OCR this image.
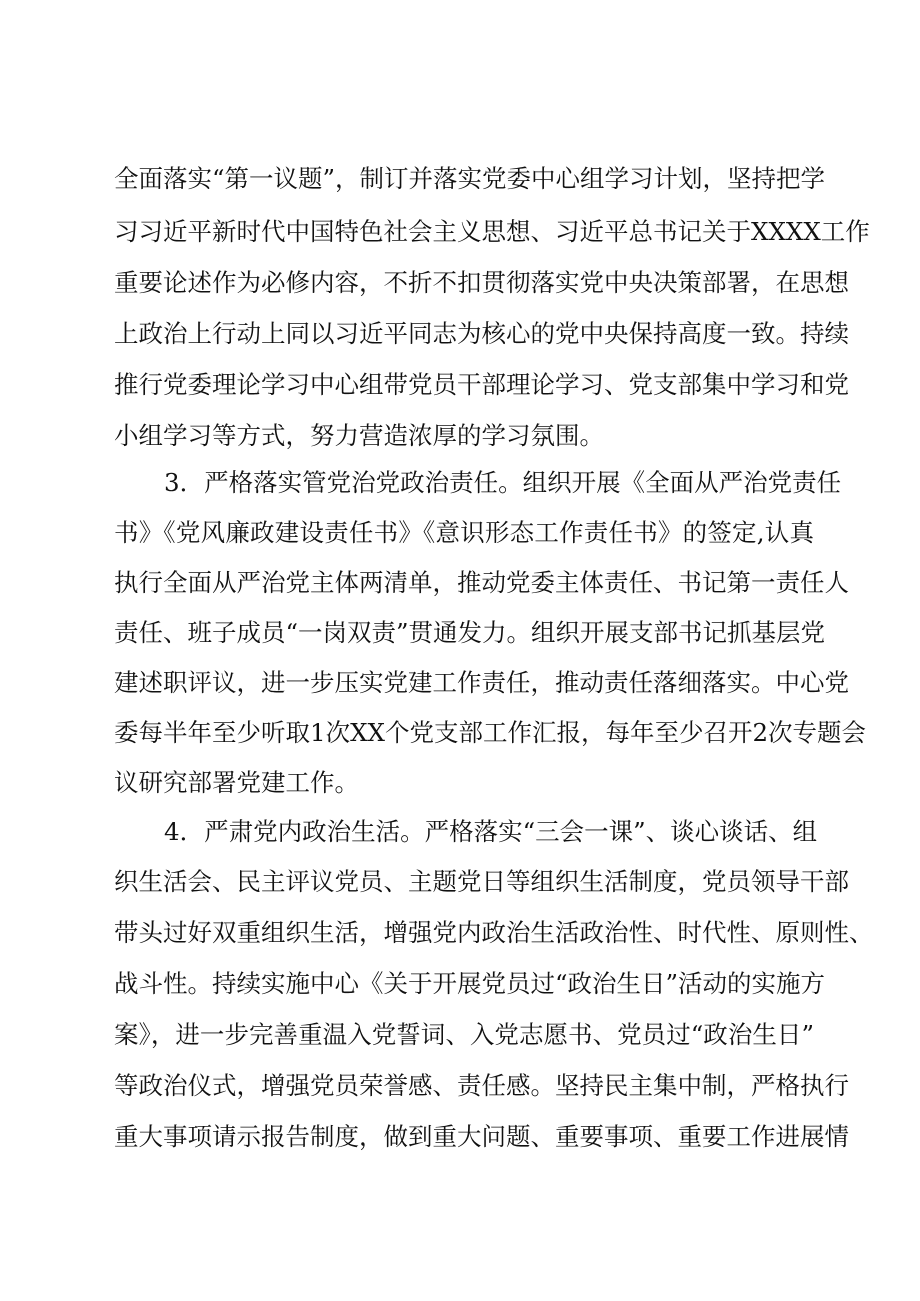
全面落实“第一议题”，制订并落实党委中心组学习计划，坚持把学
习习近平新时代中国特色社会主义思想、习近平总书记关于XXXX工作
重要论述作为必修内容，不折不扣贯彻落实党中央决策部署，在思想
上政治上行动上同以习近平同志为核心的党中央保持高度一致。持续
推行党委理论学习中心组带党员干部理论学习、党支部集中学习和党
小组学习等方式，努力营造浓厚的学习氛围。
3．严格落实管党治党政治责任。组织开展《全面从严治党责任
书》《党风廉政建设责任书》《意识形态工作责任书》的签定,认真
执行全面从严治党主体两清单，推动党委主体责任、书记第一责任人
责任、班子成员“一岗双责”贯通发力。组织开展支部书记抓基层党
建述职评议，进一步压实党建工作责任，推动责任落细落实。中心党
委每半年至少听取1次XX个党支部工作汇报，每年至少召开2次专题会
议研究部署党建工作。
4．严肃党内政治生活。严格落实“三会一课”、谈心谈话、组
织生活会、民主评议党员、主题党日等组织生活制度，党员领导干部
带头过好双重组织生活，增强党内政治生活政治性、时代性、原则性、
战斗性。持续实施中心《关于开展党员过“政治生日”活动的实施方
案》，进一步完善重温入党誓词、入党志愿书、党员过“政治生日”
等政治仪式，增强党员荣誉感、责任感。坚持民主集中制，严格执行
重大事项请示报告制度，做到重大问题、重要事项、重要工作进展情
